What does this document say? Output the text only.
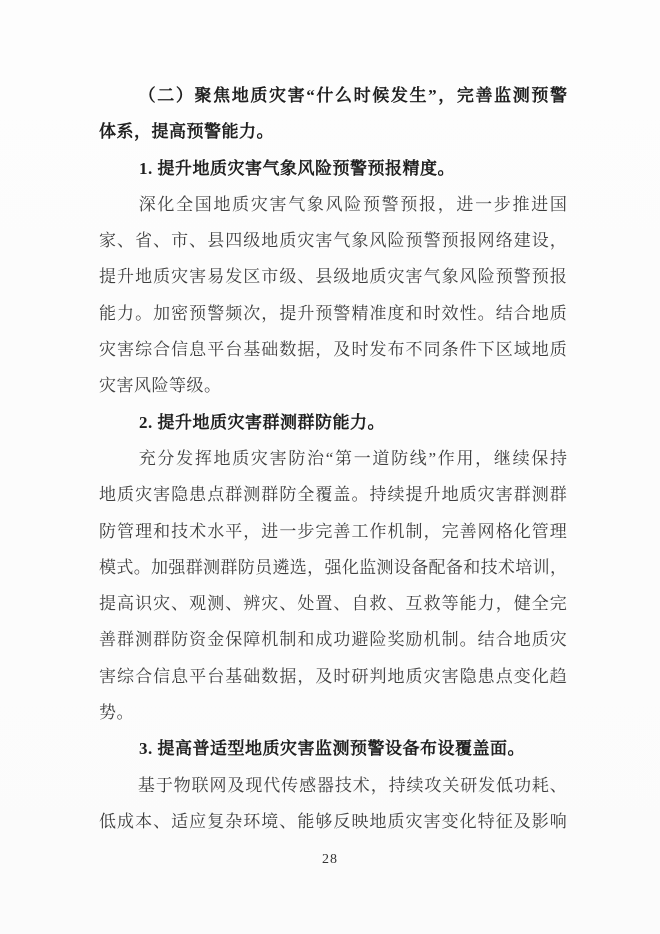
（ 二 ） 聚 焦 地 质 灾 害 “ 什 么 时 候 发 生 ” ， 完 善 监 测 预 警
体系，提高预警能力。
1. 提升地质灾害气象风险预警预报精度。
深 化 全 国 地 质 灾 害 气 象 风 险 预 警 预 报 ， 进 一 步 推 进 国
家 、 省 、 市 、 县 四 级 地 质 灾 害 气 象 风 险 预 警 预 报 网 络 建 设 ，
提 升 地 质 灾 害 易 发 区 市 级 、 县 级 地 质 灾 害 气 象 风 险 预 警 预 报
能 力 。 加 密 预 警 频 次 ， 提 升 预 警 精 准 度 和 时 效 性 。 结 合 地 质
灾 害 综 合 信 息 平 台 基 础 数 据 ， 及 时 发 布 不 同 条 件 下 区 域 地 质
灾害风险等级。
2. 提升地质灾害群测群防能力。
充 分 发 挥 地 质 灾 害 防 治 “ 第 一 道 防 线 ” 作 用 ， 继 续 保 持
地 质 灾 害 隐 患 点 群 测 群 防 全 覆 盖 。 持 续 提 升 地 质 灾 害 群 测 群
防 管 理 和 技 术 水 平 ， 进 一 步 完 善 工 作 机 制 ， 完 善 网 格 化 管 理
模 式 。 加 强 群 测 群 防 员 遴 选 ， 强 化 监 测 设 备 配 备 和 技 术 培 训 ，
提 高 识 灾 、 观 测 、 辨 灾 、 处 置 、 自 救 、 互 救 等 能 力 ， 健 全 完
善 群 测 群 防 资 金 保 障 机 制 和 成 功 避 险 奖 励 机 制 。 结 合 地 质 灾
害 综 合 信 息 平 台 基 础 数 据 ， 及 时 研 判 地 质 灾 害 隐 患 点 变 化 趋
势。
3. 提高普适型地质灾害监测预警设备布设覆盖面。
基 于 物 联 网 及 现 代 传 感 器 技 术 ， 持 续 攻 关 研 发 低 功 耗 、
低 成 本 、 适 应 复 杂 环 境 、 能 够 反 映 地 质 灾 害 变 化 特 征 及 影 响
28
